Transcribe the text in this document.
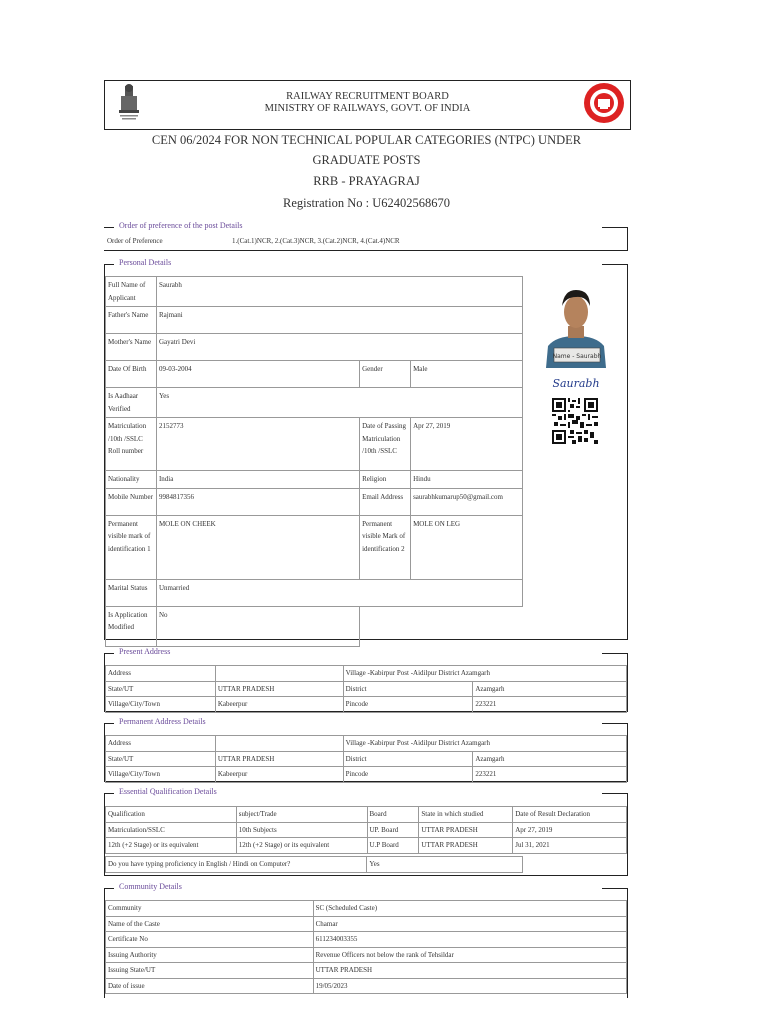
RAILWAY RECRUITMENT BOARD
MINISTRY OF RAILWAYS, GOVT. OF INDIA
CEN 06/2024 FOR NON TECHNICAL POPULAR CATEGORIES (NTPC) UNDER
GRADUATE POSTS
RRB - PRAYAGRAJ
Registration No : U62402568670
Order of preference of the post Details
Order of Preference	1.(Cat.1)NCR, 2.(Cat.3)NCR, 3.(Cat.2)NCR, 4.(Cat.4)NCR
Personal Details
Full Name of Applicant	Saurabh		
Father's Name	Rajmani		
Mother's Name	Gayatri Devi		
Date Of Birth	09-03-2004	Gender	Male
Is Aadhaar Verified	Yes		
Matriculation /10th /SSLC Roll number	2152773	Date of Passing Matriculation /10th /SSLC	Apr 27, 2019
Nationality	India	Religion	Hindu
Mobile Number	9984817356	Email Address	saurabhkumarup50@gmail.com
Permanent visible mark of identification 1	MOLE ON CHEEK	Permanent visible Mark of identification 2	MOLE ON LEG
Marital Status	Unmarried		
Is Application Modified	No		
Name - Saurabh
Saurabh
Present Address
Address		Village -Kabirpur Post -Aidilpur District Azamgarh	
State/UT	UTTAR PRADESH	District	Azamgarh
Village/City/Town	Kabeerpur	Pincode	223221
Permanent Address Details
Address		Village -Kabirpur Post -Aidilpur District Azamgarh	
State/UT	UTTAR PRADESH	District	Azamgarh
Village/City/Town	Kabeerpur	Pincode	223221
Essential Qualification Details
Qualification	subject/Trade	Board	State in which studied	Date of Result Declaration
Matriculation/SSLC	10th Subjects	UP. Board	UTTAR PRADESH	Apr 27, 2019
12th (+2 Stage) or its equivalent	12th (+2 Stage) or its equivalent	U.P Board	UTTAR PRADESH	Jul 31, 2021
Do you have typing proficiency in English / Hindi on Computer?	Yes
Community Details
Community	SC (Scheduled Caste)
Name of the Caste	Chamar
Certificate No	611234003355
Issuing Authority	Revenue Officers not below the rank of Tehsildar
Issuing State/UT	UTTAR PRADESH
Date of issue	19/05/2023
